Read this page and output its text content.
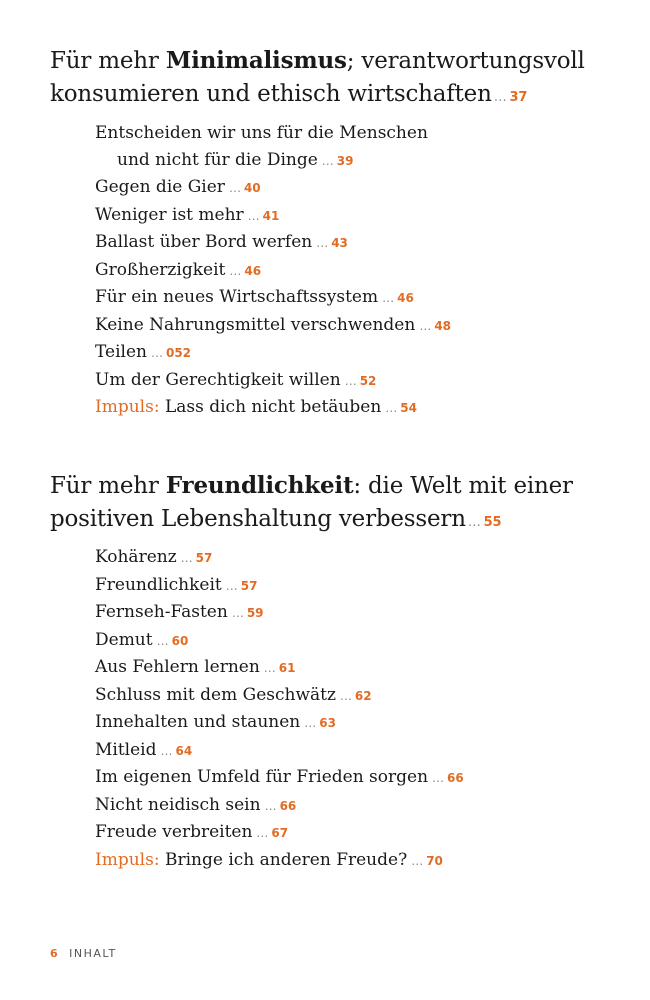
Für mehr Minimalismus; verantwortungsvoll
konsumieren und ethisch wirtschaften … 37
Entscheiden wir uns für die Menschen
und nicht für die Dinge … 39
Gegen die Gier … 40
Weniger ist mehr … 41
Ballast über Bord werfen … 43
Großherzigkeit … 46
Für ein neues Wirtschaftssystem … 46
Keine Nahrungsmittel verschwenden … 48
Teilen … 052
Um der Gerechtigkeit willen … 52
Impuls: Lass dich nicht betäuben … 54
Für mehr Freundlichkeit: die Welt mit einer
positiven Lebenshaltung verbessern … 55
Kohärenz … 57
Freundlichkeit … 57
Fernseh-Fasten … 59
Demut … 60
Aus Fehlern lernen … 61
Schluss mit dem Geschwätz … 62
Innehalten und staunen … 63
Mitleid … 64
Im eigenen Umfeld für Frieden sorgen … 66
Nicht neidisch sein … 66
Freude verbreiten … 67
Impuls: Bringe ich anderen Freude? … 70
6 INHALT
